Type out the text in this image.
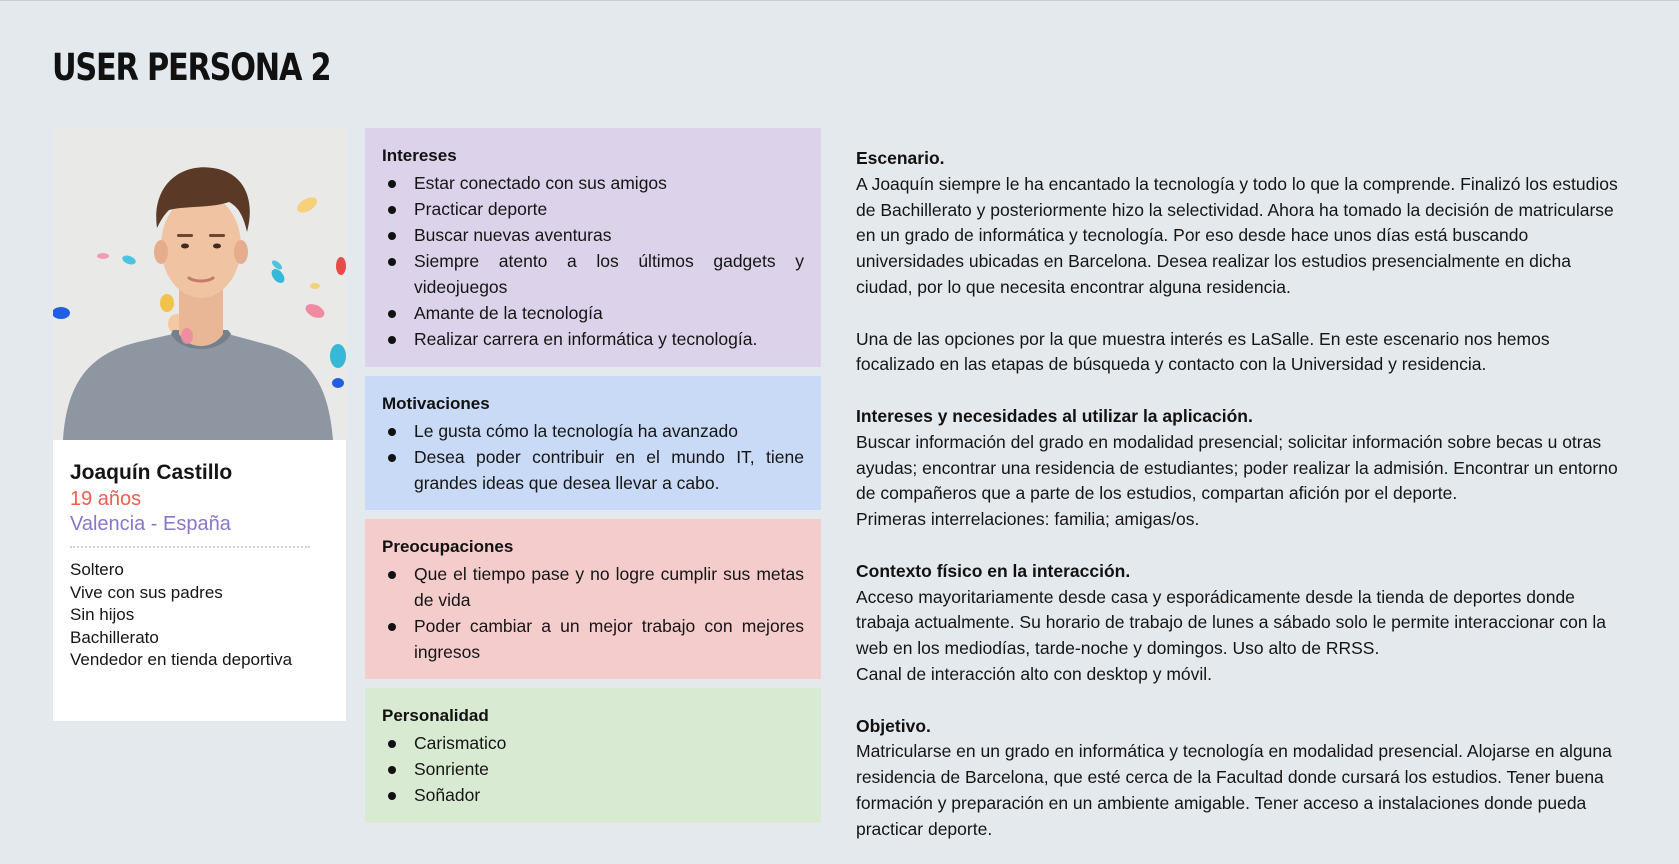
USER PERSONA 2
Joaquín Castillo
19 años
Valencia - España
Soltero
Vive con sus padres
Sin hijos
Bachillerato
Vendedor en tienda deportiva
Intereses
Estar conectado con sus amigos
Practicar deporte
Buscar nuevas aventuras
Siempre atento a los últimos gadgets y videojuegos
Amante de la tecnología
Realizar carrera en informática y tecnología.
Motivaciones
Le gusta cómo la tecnología ha avanzado
Desea poder contribuir en el mundo IT, tiene grandes ideas que desea llevar a cabo.
Preocupaciones
Que el tiempo pase y no logre cumplir sus metas de vida
Poder cambiar a un mejor trabajo con mejores ingresos
Personalidad
Carismatico
Sonriente
Soñador
Escenario.
A Joaquín siempre le ha encantado la tecnología y todo lo que la comprende. Finalizó los estudios de Bachillerato y posteriormente hizo la selectividad. Ahora ha tomado la decisión de matricularse en un grado de informática y tecnología. Por eso desde hace unos días está buscando universidades ubicadas en Barcelona. Desea realizar los estudios presencialmente en dicha ciudad, por lo que necesita encontrar alguna residencia.
Una de las opciones por la que muestra interés es LaSalle. En este escenario nos hemos focalizado en las etapas de búsqueda y contacto con la Universidad y residencia.
Intereses y necesidades al utilizar la aplicación.
Buscar información del grado en modalidad presencial; solicitar información sobre becas u otras ayudas; encontrar una residencia de estudiantes; poder realizar la admisión. Encontrar un entorno de compañeros que a parte de los estudios, compartan afición por el deporte.
Primeras interrelaciones: familia; amigas/os.
Contexto físico en la interacción.
Acceso mayoritariamente desde casa y esporádicamente desde la tienda de deportes donde trabaja actualmente. Su horario de trabajo de lunes a sábado solo le permite interaccionar con la web en los mediodías, tarde-noche y domingos. Uso alto de RRSS.
Canal de interacción alto con desktop y móvil.
Objetivo.
Matricularse en un grado en informática y tecnología en modalidad presencial. Alojarse en alguna residencia de Barcelona, que esté cerca de la Facultad donde cursará los estudios. Tener buena formación y preparación en un ambiente amigable. Tener acceso a instalaciones donde pueda practicar deporte.
